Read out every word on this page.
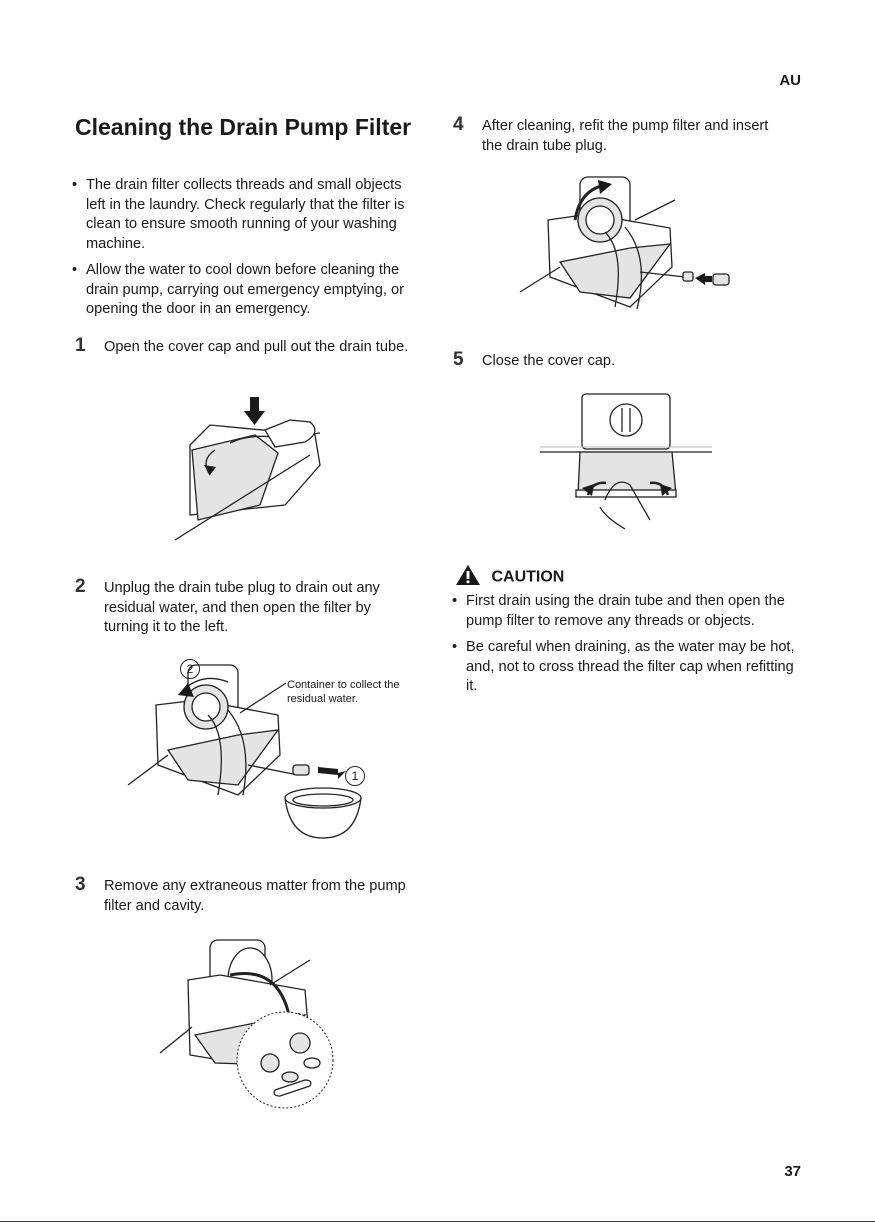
AU
Cleaning the Drain Pump Filter
• The drain filter collects threads and small objects left in the laundry. Check regularly that the filter is clean to ensure smooth running of your washing machine.
• Allow the water to cool down before cleaning the drain pump, carrying out emergency emptying, or opening the door in an emergency.
1 Open the cover cap and pull out the drain tube.
2 Unplug the drain tube plug to drain out any residual water, and then open the filter by turning it to the left.
2
1
Container to collect the residual water.
3 Remove any extraneous matter from the pump filter and cavity.
4 After cleaning, refit the pump filter and insert the drain tube plug.
5 Close the cover cap.
CAUTION
• First drain using the drain tube and then open the pump filter to remove any threads or objects.
• Be careful when draining, as the water may be hot, and, not to cross thread the filter cap when refitting it.
37
